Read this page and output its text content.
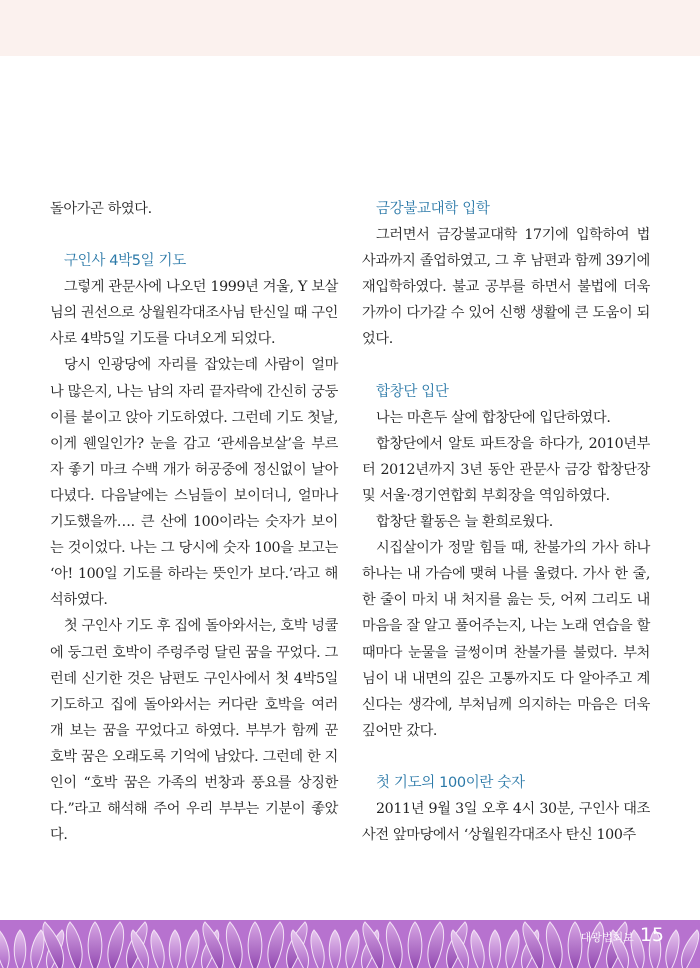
돌아가곤 하였다.

구인사 4박5일 기도

그렇게 관문사에 나오던 1999년 겨울, Y 보살님의 권선으로 상월원각대조사님 탄신일 때 구인사로 4박5일 기도를 다녀오게 되었다.

당시 인광당에 자리를 잡았는데 사람이 얼마나 많은지, 나는 남의 자리 끝자락에 간신히 궁둥이를 붙이고 앉아 기도하였다. 그런데 기도 첫날, 이게 웬일인가? 눈을 감고 ‘관세음보살’을 부르자 좋기 마크 수백 개가 허공중에 정신없이 날아다녔다. 다음날에는 스님들이 보이더니, 얼마나 기도했을까…. 큰 산에 100이라는 숫자가 보이는 것이었다. 나는 그 당시에 숫자 100을 보고는 ‘아! 100일 기도를 하라는 뜻인가 보다.’라고 해석하였다.

첫 구인사 기도 후 집에 돌아와서는, 호박 넝쿨에 둥그런 호박이 주렁주렁 달린 꿈을 꾸었다. 그런데 신기한 것은 남편도 구인사에서 첫 4박5일 기도하고 집에 돌아와서는 커다란 호박을 여러 개 보는 꿈을 꾸었다고 하였다. 부부가 함께 꾼 호박 꿈은 오래도록 기억에 남았다. 그런데 한 지인이 “호박 꿈은 가족의 번창과 풍요를 상징한다.”라고 해석해 주어 우리 부부는 기분이 좋았다.

금강불교대학 입학

그러면서 금강불교대학 17기에 입학하여 법사과까지 졸업하였고, 그 후 남편과 함께 39기에 재입학하였다. 불교 공부를 하면서 불법에 더욱 가까이 다가갈 수 있어 신행 생활에 큰 도움이 되었다.

합창단 입단

나는 마흔두 살에 합창단에 입단하였다.

합창단에서 알토 파트장을 하다가, 2010년부터 2012년까지 3년 동안 관문사 금강 합창단장 및 서울·경기연합회 부회장을 역임하였다.

합창단 활동은 늘 환희로웠다.

시집살이가 정말 힘들 때, 찬불가의 가사 하나하나는 내 가슴에 맺혀 나를 울렸다. 가사 한 줄, 한 줄이 마치 내 처지를 읊는 듯, 어찌 그리도 내 마음을 잘 알고 풀어주는지, 나는 노래 연습을 할 때마다 눈물을 글썽이며 찬불가를 불렀다. 부처님이 내 내면의 깊은 고통까지도 다 알아주고 계신다는 생각에, 부처님께 의지하는 마음은 더욱 깊어만 갔다.

첫 기도의 100이란 숫자

2011년 9월 3일 오후 4시 30분, 구인사 대조사전 앞마당에서 ‘상월원각대조사 탄신 100주

대광법회보 15
